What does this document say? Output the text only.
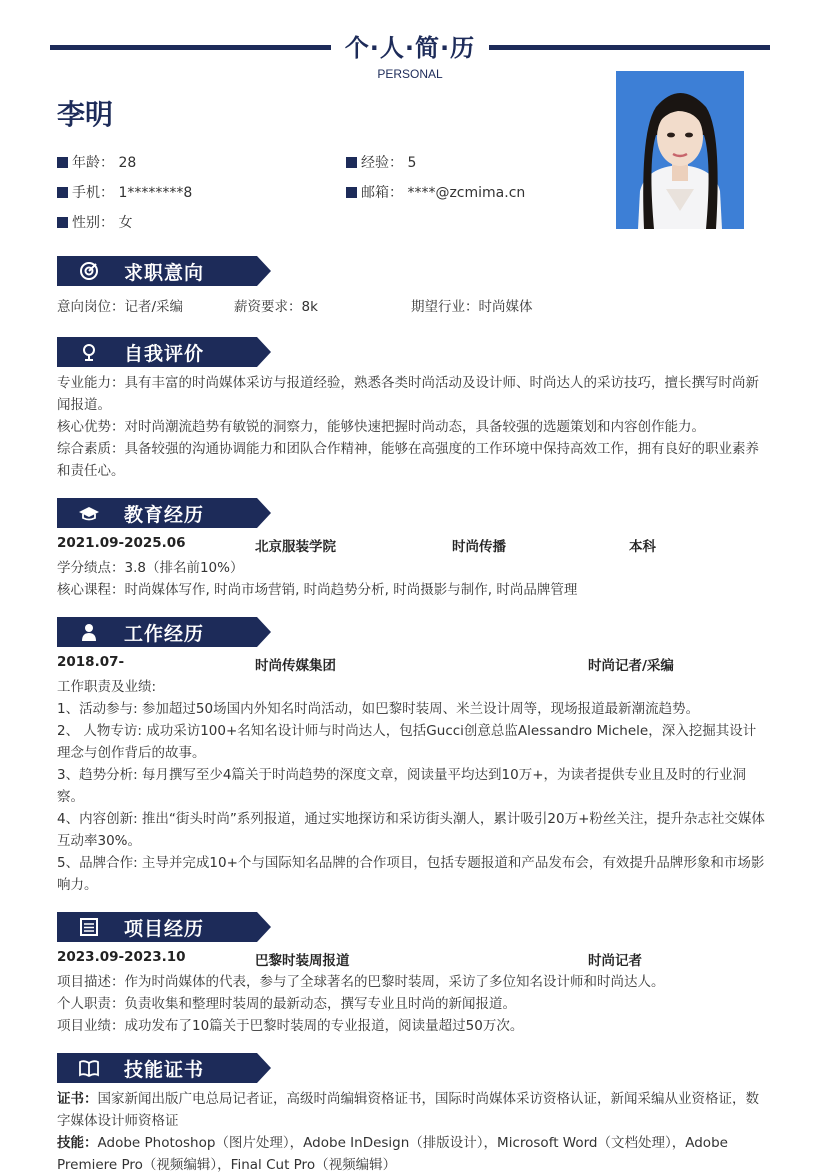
个·人·简·历
PERSONAL
李明
年龄： 28	经验： 5
手机： 1********8	邮箱： ****@zcmima.cn
性别： 女
求职意向
意向岗位：记者/采编	薪资要求：8k	期望行业：时尚媒体
自我评价
专业能力：具有丰富的时尚媒体采访与报道经验，熟悉各类时尚活动及设计师、时尚达人的采访技巧，擅长撰写时尚新闻报道。
核心优势：对时尚潮流趋势有敏锐的洞察力，能够快速把握时尚动态，具备较强的选题策划和内容创作能力。
综合素质：具备较强的沟通协调能力和团队合作精神，能够在高强度的工作环境中保持高效工作，拥有良好的职业素养和责任心。
教育经历
2021.09-2025.06	北京服装学院	时尚传播	本科
学分绩点：3.8（排名前10%）
核心课程：时尚媒体写作, 时尚市场营销, 时尚趋势分析, 时尚摄影与制作, 时尚品牌管理
工作经历
2018.07-	时尚传媒集团	时尚记者/采编
工作职责及业绩:
1、活动参与: 参加超过50场国内外知名时尚活动，如巴黎时装周、米兰设计周等，现场报道最新潮流趋势。
2、 人物专访: 成功采访100+名知名设计师与时尚达人，包括Gucci创意总监Alessandro Michele，深入挖掘其设计理念与创作背后的故事。
3、趋势分析: 每月撰写至少4篇关于时尚趋势的深度文章，阅读量平均达到10万+，为读者提供专业且及时的行业洞察。
4、内容创新: 推出“街头时尚”系列报道，通过实地探访和采访街头潮人，累计吸引20万+粉丝关注，提升杂志社交媒体互动率30%。
5、品牌合作: 主导并完成10+个与国际知名品牌的合作项目，包括专题报道和产品发布会，有效提升品牌形象和市场影响力。
项目经历
2023.09-2023.10	巴黎时装周报道	时尚记者
项目描述：作为时尚媒体的代表，参与了全球著名的巴黎时装周，采访了多位知名设计师和时尚达人。
个人职责：负责收集和整理时装周的最新动态，撰写专业且时尚的新闻报道。
项目业绩：成功发布了10篇关于巴黎时装周的专业报道，阅读量超过50万次。
技能证书
证书：国家新闻出版广电总局记者证，高级时尚编辑资格证书，国际时尚媒体采访资格认证，新闻采编从业资格证，数字媒体设计师资格证
技能：Adobe Photoshop（图片处理），Adobe InDesign（排版设计），Microsoft Word（文档处理），Adobe Premiere Pro（视频编辑），Final Cut Pro（视频编辑）
